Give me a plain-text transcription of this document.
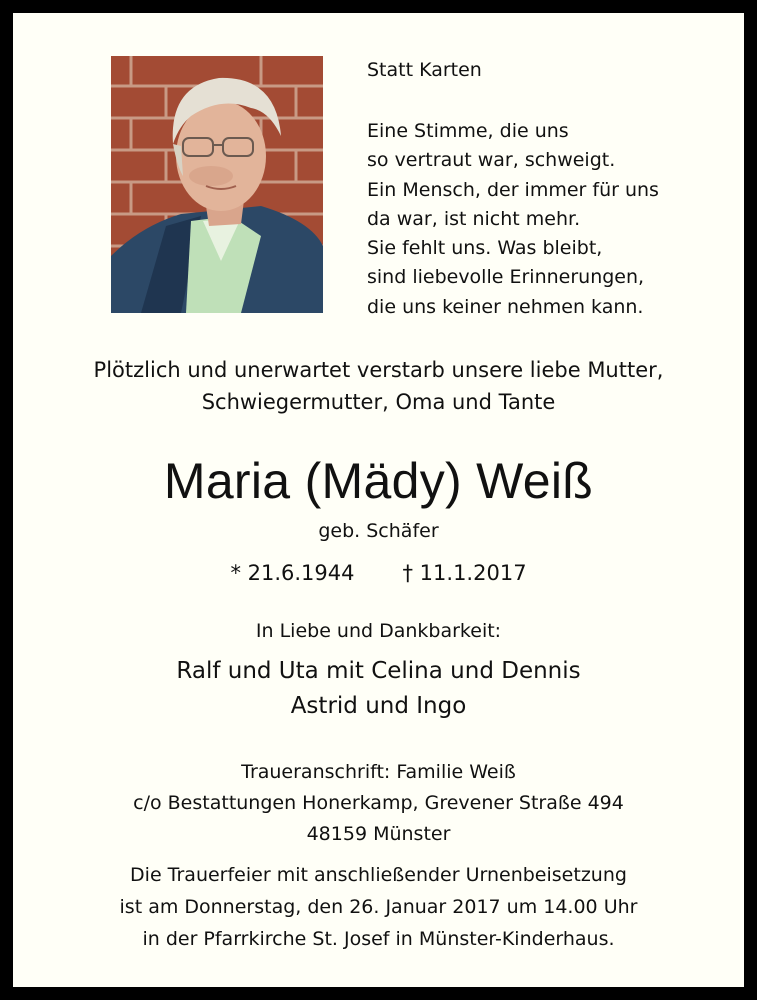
Statt Karten

Eine Stimme, die uns
so vertraut war, schweigt.
Ein Mensch, der immer für uns
da war, ist nicht mehr.
Sie fehlt uns. Was bleibt,
sind liebevolle Erinnerungen,
die uns keiner nehmen kann.
Plötzlich und unerwartet verstarb unsere liebe Mutter,
Schwiegermutter, Oma und Tante
Maria (Mädy) Weiß
geb. Schäfer
* 21.6.1944 † 11.1.2017
In Liebe und Dankbarkeit:
Ralf und Uta mit Celina und Dennis
Astrid und Ingo
Traueranschrift: Familie Weiß
c/o Bestattungen Honerkamp, Grevener Straße 494
48159 Münster
Die Trauerfeier mit anschließender Urnenbeisetzung
ist am Donnerstag, den 26. Januar 2017 um 14.00 Uhr
in der Pfarrkirche St. Josef in Münster-Kinderhaus.
